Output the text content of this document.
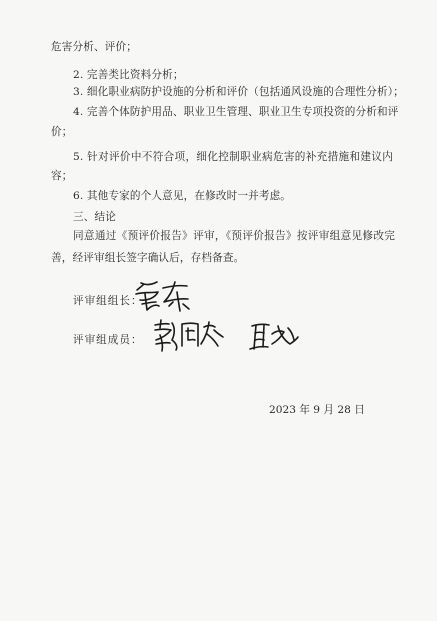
危害分析、评价；
2. 完善类比资料分析；
3. 细化职业病防护设施的分析和评价（包括通风设施的合理性分析）；
4. 完善个体防护用品、职业卫生管理、职业卫生专项投资的分析和评
价；
5. 针对评价中不符合项，细化控制职业病危害的补充措施和建议内
容；
6. 其他专家的个人意见，在修改时一并考虑。
三、结论
同意通过《预评价报告》评审，《预评价报告》按评审组意见修改完
善，经评审组长签字确认后，存档备查。
评审组组长：
评审组成员：
2023 年 9 月 28 日
